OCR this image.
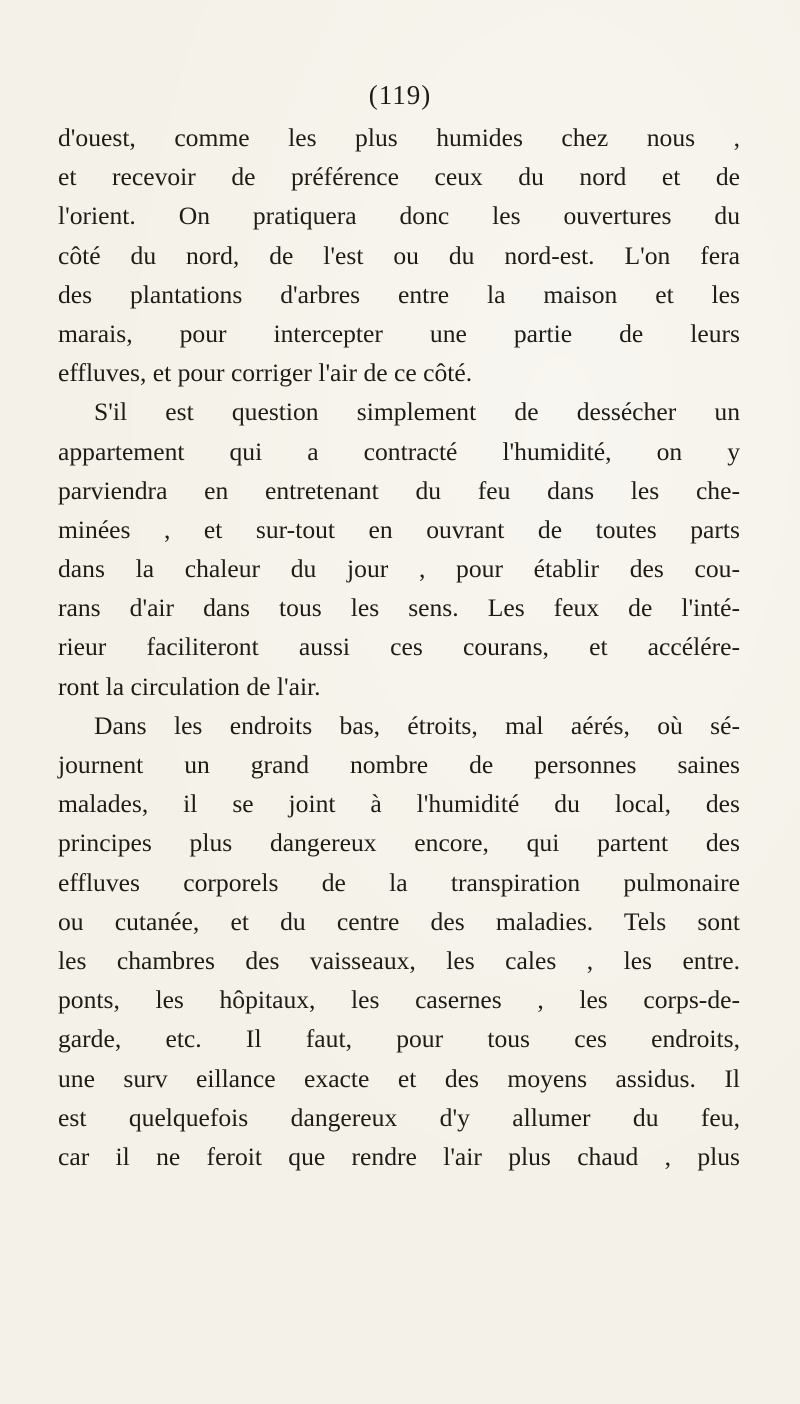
(119)
d'ouest, comme les plus humides chez nous ,
et recevoir de préférence ceux du nord et de
l'orient. On pratiquera donc les ouvertures du
côté du nord, de l'est ou du nord-est. L'on fera
des plantations d'arbres entre la maison et les
marais, pour intercepter une partie de leurs
effluves, et pour corriger l'air de ce côté.
S'il est question simplement de dessécher un
appartement qui a contracté l'humidité, on y
parviendra en entretenant du feu dans les che-
minées , et sur-tout en ouvrant de toutes parts
dans la chaleur du jour , pour établir des cou-
rans d'air dans tous les sens. Les feux de l'inté-
rieur faciliteront aussi ces courans, et accélére-
ront la circulation de l'air.
Dans les endroits bas, étroits, mal aérés, où sé-
journent un grand nombre de personnes saines
malades, il se joint à l'humidité du local, des
principes plus dangereux encore, qui partent des
effluves corporels de la transpiration pulmonaire
ou cutanée, et du centre des maladies. Tels sont
les chambres des vaisseaux, les cales , les entre.
ponts, les hôpitaux, les casernes , les corps-de-
garde, etc. Il faut, pour tous ces endroits,
une surv eillance exacte et des moyens assidus. Il
est quelquefois dangereux d'y allumer du feu,
car il ne feroit que rendre l'air plus chaud , plus
